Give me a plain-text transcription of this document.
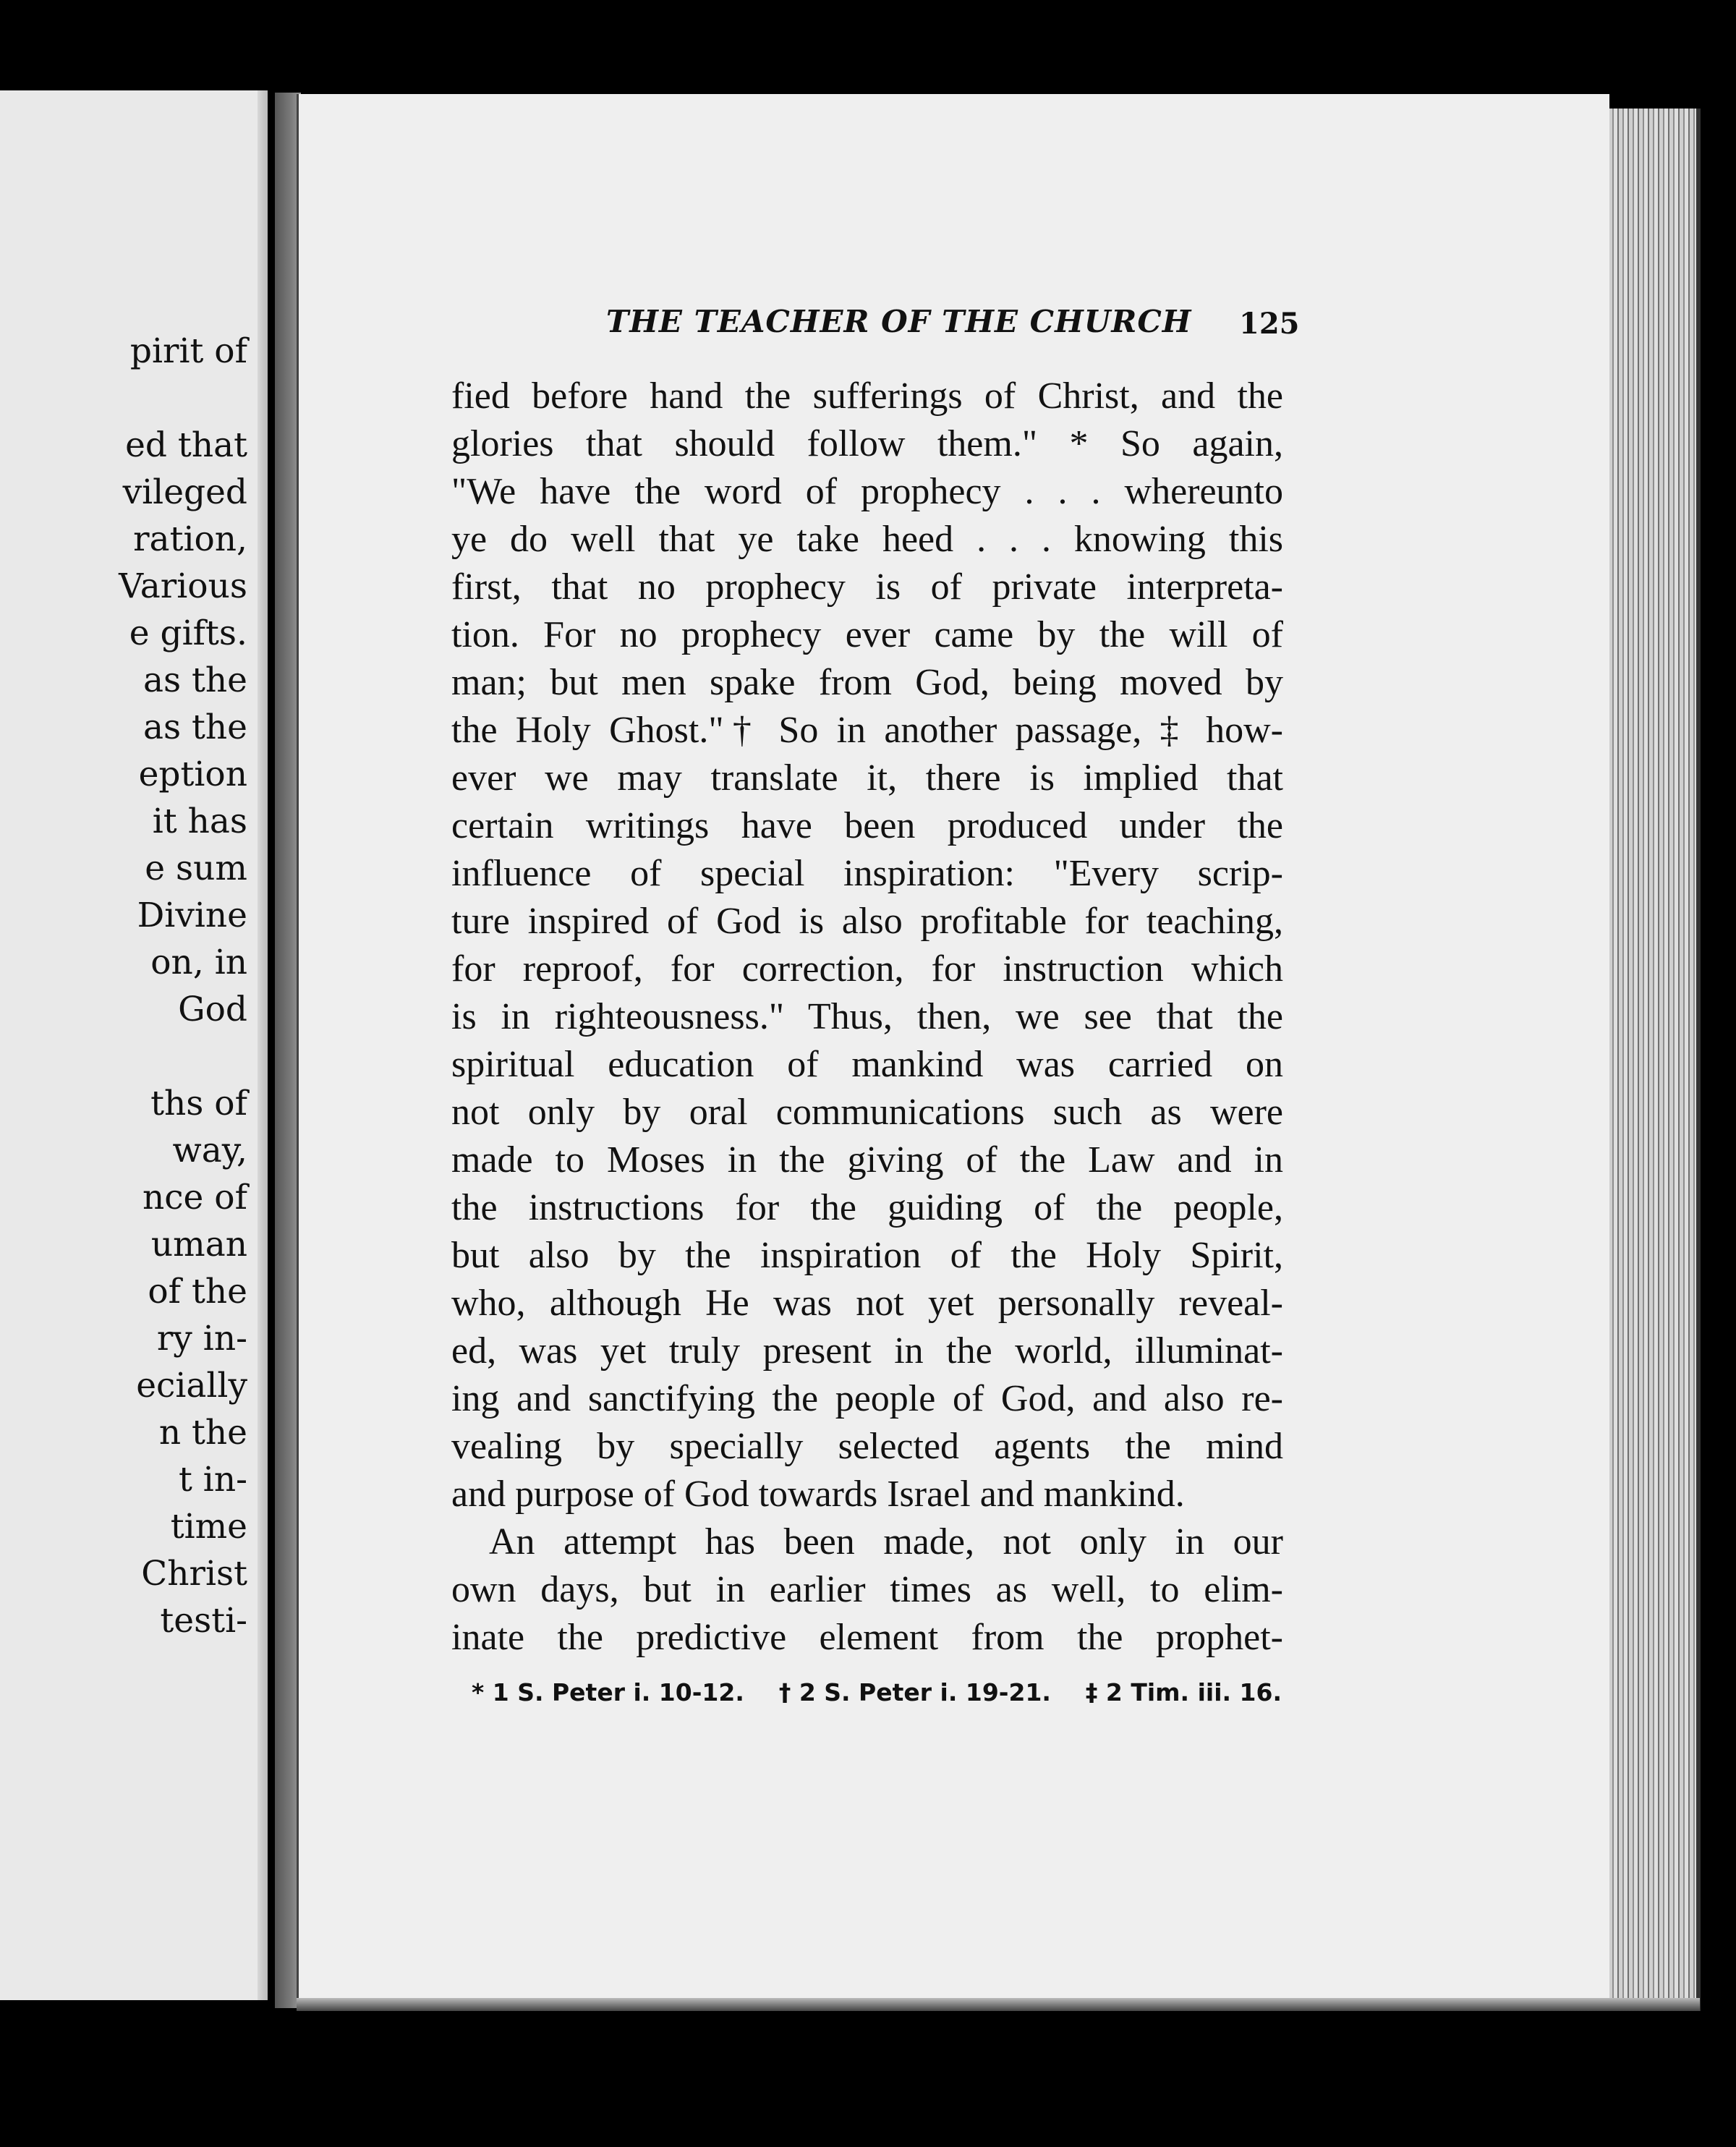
pirit of
ed that
vileged
ration,
Various
e gifts.
as the
as the
eption
it has
e sum
Divine
on, in
God
ths of
way,
nce of
uman
of the
ry in-
ecially
n the
t in-
time
Christ
testi-
THE TEACHER OF THE CHURCH 125
fied before hand the sufferings of Christ, and the
glories that should follow them." * So again,
"We have the word of prophecy . . . whereunto
ye do well that ye take heed . . . knowing this
first, that no prophecy is of private interpreta-
tion. For no prophecy ever came by the will of
man; but men spake from God, being moved by
the Holy Ghost."† So in another passage, ‡ how-
ever we may translate it, there is implied that
certain writings have been produced under the
influence of special inspiration: "Every scrip-
ture inspired of God is also profitable for teaching,
for reproof, for correction, for instruction which
is in righteousness." Thus, then, we see that the
spiritual education of mankind was carried on
not only by oral communications such as were
made to Moses in the giving of the Law and in
the instructions for the guiding of the people,
but also by the inspiration of the Holy Spirit,
who, although He was not yet personally reveal-
ed, was yet truly present in the world, illuminat-
ing and sanctifying the people of God, and also re-
vealing by specially selected agents the mind
and purpose of God towards Israel and mankind.
An attempt has been made, not only in our
own days, but in earlier times as well, to elim-
inate the predictive element from the prophet-
* 1 S. Peter i. 10-12. † 2 S. Peter i. 19-21. ‡ 2 Tim. iii. 16.
